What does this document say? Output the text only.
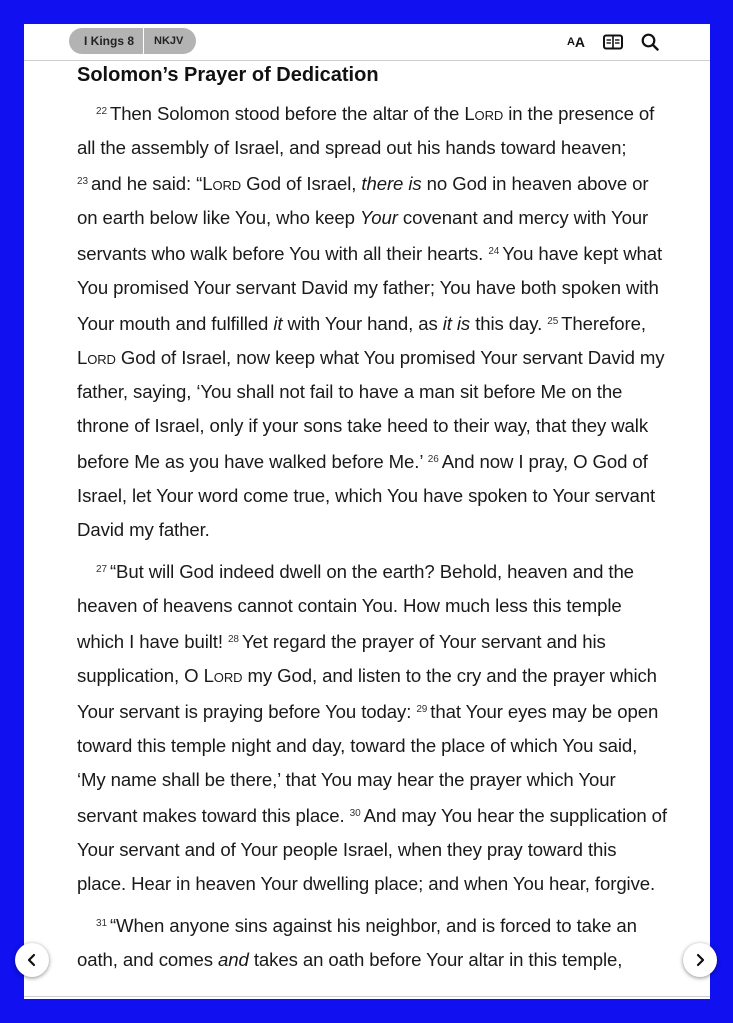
I Kings 8	NKJV	A A
Solomon’s Prayer of Dedication

$^{22}$ Then Solomon stood before the altar of the Lord in the presence of all the assembly of Israel, and spread out his hands toward heaven; $^{23}$ and he said: “Lord God of Israel, there is no God in heaven above or on earth below like You, who keep Your covenant and mercy with Your servants who walk before You with all their hearts. $^{24}$ You have kept what You promised Your servant David my father; You have both spoken with Your mouth and fulfilled it with Your hand, as it is this day. $^{25}$ Therefore, Lord God of Israel, now keep what You promised Your servant David my father, saying, ‘You shall not fail to have a man sit before Me on the throne of Israel, only if your sons take heed to their way, that they walk before Me as you have walked before Me.’ $^{26}$ And now I pray, O God of Israel, let Your word come true, which You have spoken to Your servant David my father.

$^{27}$ “But will God indeed dwell on the earth? Behold, heaven and the heaven of heavens cannot contain You. How much less this temple which I have built! $^{28}$ Yet regard the prayer of Your servant and his supplication, O Lord my God, and listen to the cry and the prayer which Your servant is praying before You today: $^{29}$ that Your eyes may be open toward this temple night and day, toward the place of which You said, ‘My name shall be there,’ that You may hear the prayer which Your servant makes toward this place. $^{30}$ And may You hear the supplication of Your servant and of Your people Israel, when they pray toward this place. Hear in heaven Your dwelling place; and when You hear, forgive.

$^{31}$ “When anyone sins against his neighbor, and is forced to take an oath, and comes and takes an oath before Your altar in this temple,
